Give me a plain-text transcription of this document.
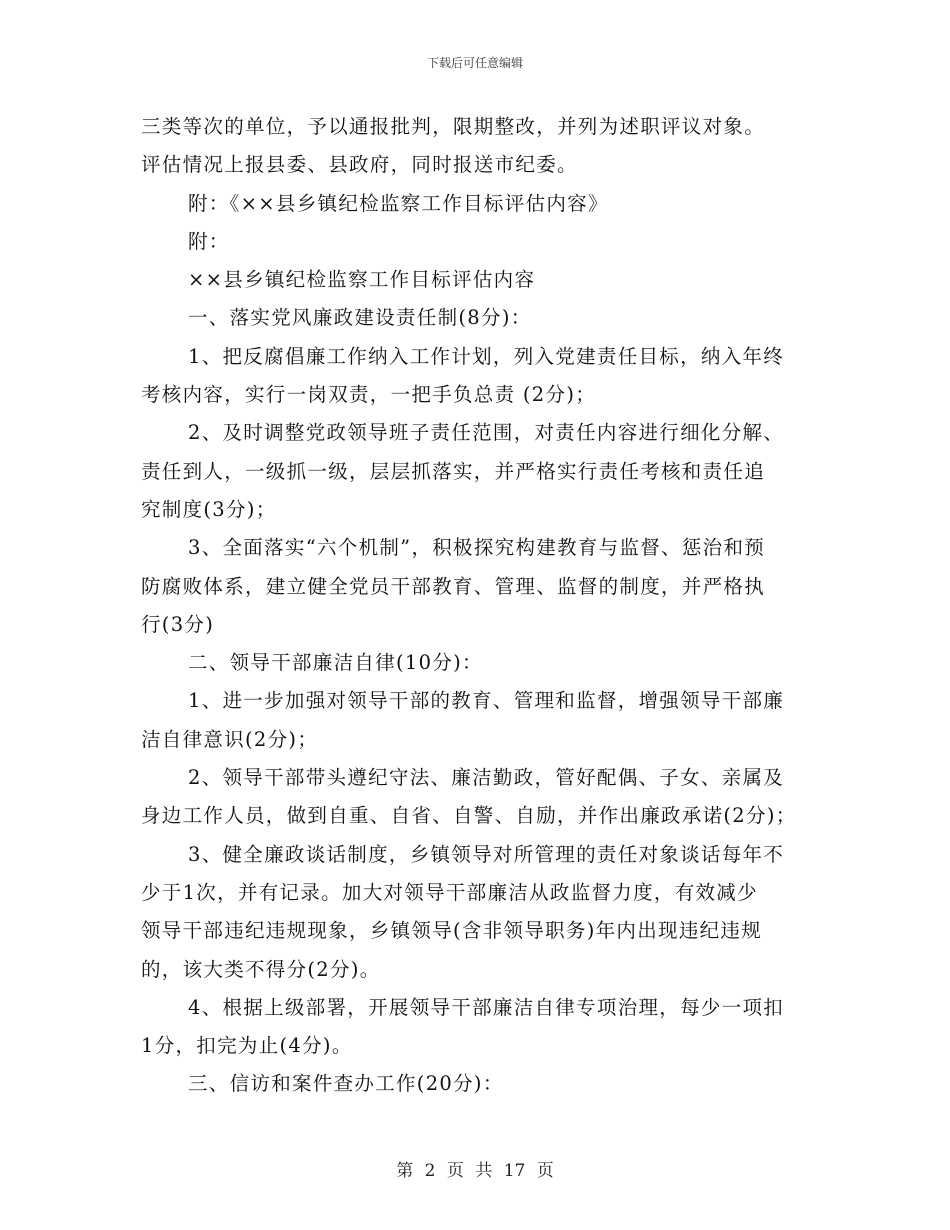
下载后可任意编辑

三类等次的单位，予以通报批判，限期整改，并列为述职评议对象。

评估情况上报县委、县政府，同时报送市纪委。

附：《××县乡镇纪检监察工作目标评估内容》

附：

××县乡镇纪检监察工作目标评估内容

一、落实党风廉政建设责任制(8分)：

1、把反腐倡廉工作纳入工作计划，列入党建责任目标，纳入年终

考核内容，实行一岗双责，一把手负总责 (2分)；

2、及时调整党政领导班子责任范围，对责任内容进行细化分解、

责任到人，一级抓一级，层层抓落实，并严格实行责任考核和责任追

究制度(3分)；

3、全面落实“六个机制”，积极探究构建教育与监督、惩治和预

防腐败体系，建立健全党员干部教育、管理、监督的制度，并严格执

行(3分)

二、领导干部廉洁自律(10分)：

1、进一步加强对领导干部的教育、管理和监督，增强领导干部廉

洁自律意识(2分)；

2、领导干部带头遵纪守法、廉洁勤政，管好配偶、子女、亲属及

身边工作人员，做到自重、自省、自警、自励，并作出廉政承诺(2分)；

3、健全廉政谈话制度，乡镇领导对所管理的责任对象谈话每年不

少于1次，并有记录。加大对领导干部廉洁从政监督力度，有效减少

领导干部违纪违规现象，乡镇领导(含非领导职务)年内出现违纪违规

的，该大类不得分(2分)。

4、根据上级部署，开展领导干部廉洁自律专项治理，每少一项扣

1分，扣完为止(4分)。

三、信访和案件查办工作(20分)：

第 2 页 共 17 页
